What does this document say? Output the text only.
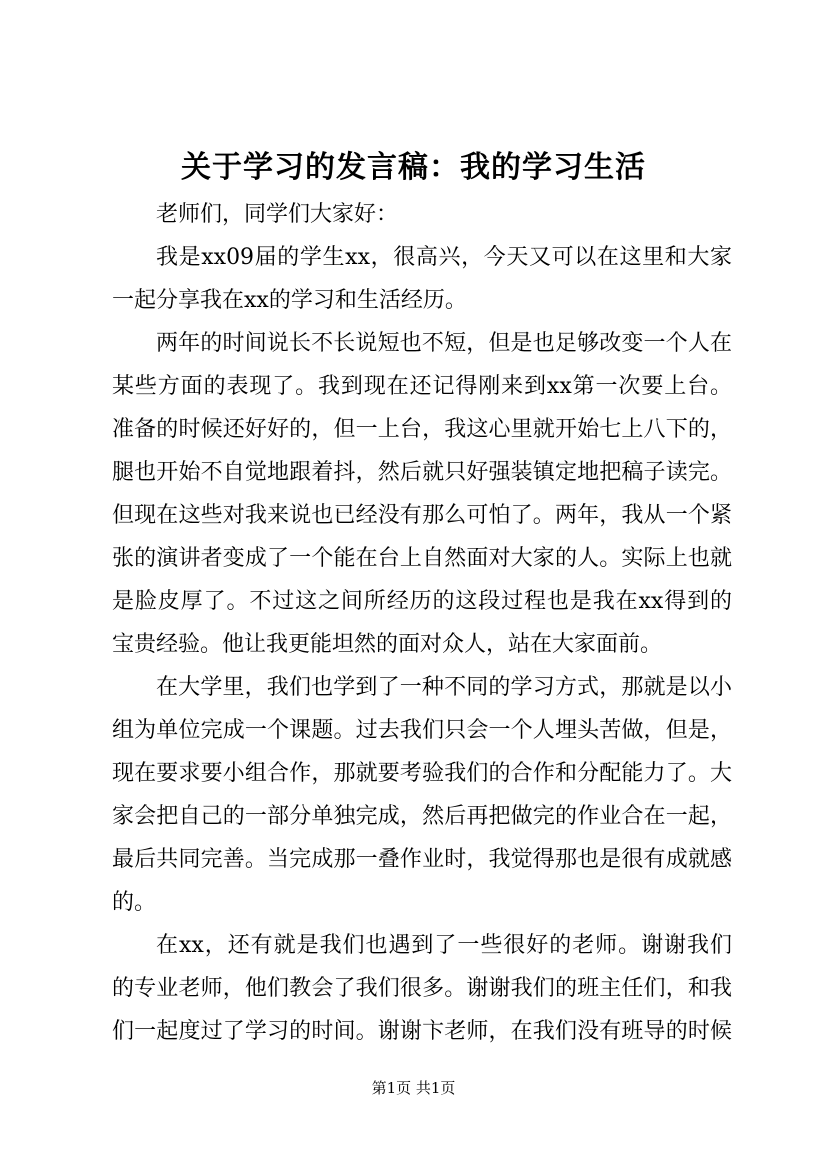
关于学习的发言稿：我的学习生活
老师们，同学们大家好：
我是xx09届的学生xx，很高兴，今天又可以在这里和大家
一起分享我在xx的学习和生活经历。
两年的时间说长不长说短也不短，但是也足够改变一个人在
某些方面的表现了。我到现在还记得刚来到xx第一次要上台。
准备的时候还好好的，但一上台，我这心里就开始七上八下的，
腿也开始不自觉地跟着抖，然后就只好强装镇定地把稿子读完。
但现在这些对我来说也已经没有那么可怕了。两年，我从一个紧
张的演讲者变成了一个能在台上自然面对大家的人。实际上也就
是脸皮厚了。不过这之间所经历的这段过程也是我在xx得到的
宝贵经验。他让我更能坦然的面对众人，站在大家面前。
在大学里，我们也学到了一种不同的学习方式，那就是以小
组为单位完成一个课题。过去我们只会一个人埋头苦做，但是，
现在要求要小组合作，那就要考验我们的合作和分配能力了。大
家会把自己的一部分单独完成，然后再把做完的作业合在一起，
最后共同完善。当完成那一叠作业时，我觉得那也是很有成就感
的。
在xx，还有就是我们也遇到了一些很好的老师。谢谢我们
的专业老师，他们教会了我们很多。谢谢我们的班主任们，和我
们一起度过了学习的时间。谢谢卞老师，在我们没有班导的时候
第1页 共1页
